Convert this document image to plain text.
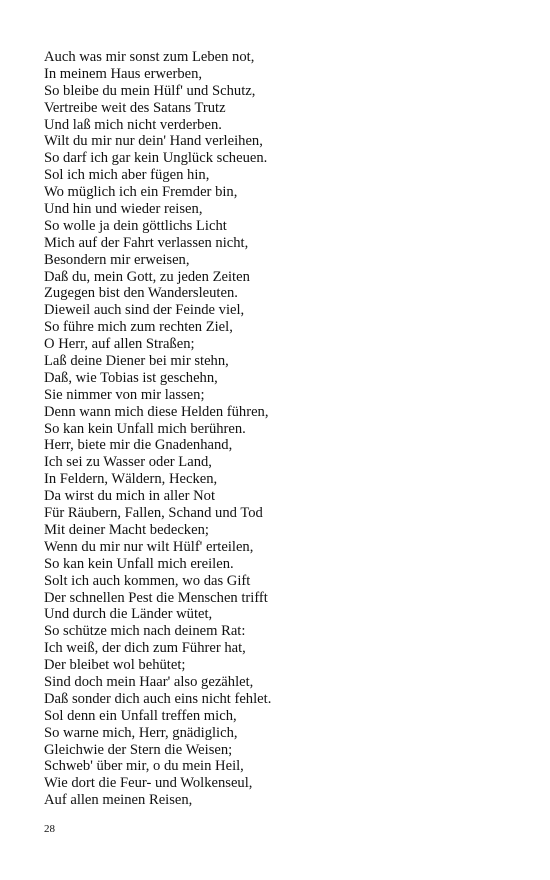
Auch was mir sonst zum Leben not,
In meinem Haus erwerben,
So bleibe du mein Hülf' und Schutz,
Vertreibe weit des Satans Trutz
Und laß mich nicht verderben.
Wilt du mir nur dein' Hand verleihen,
So darf ich gar kein Unglück scheuen.
Sol ich mich aber fügen hin,
Wo müglich ich ein Fremder bin,
Und hin und wieder reisen,
So wolle ja dein göttlichs Licht
Mich auf der Fahrt verlassen nicht,
Besondern mir erweisen,
Daß du, mein Gott, zu jeden Zeiten
Zugegen bist den Wandersleuten.
Dieweil auch sind der Feinde viel,
So führe mich zum rechten Ziel,
O Herr, auf allen Straßen;
Laß deine Diener bei mir stehn,
Daß, wie Tobias ist geschehn,
Sie nimmer von mir lassen;
Denn wann mich diese Helden führen,
So kan kein Unfall mich berühren.
Herr, biete mir die Gnadenhand,
Ich sei zu Wasser oder Land,
In Feldern, Wäldern, Hecken,
Da wirst du mich in aller Not
Für Räubern, Fallen, Schand und Tod
Mit deiner Macht bedecken;
Wenn du mir nur wilt Hülf' erteilen,
So kan kein Unfall mich ereilen.
Solt ich auch kommen, wo das Gift
Der schnellen Pest die Menschen trifft
Und durch die Länder wütet,
So schütze mich nach deinem Rat:
Ich weiß, der dich zum Führer hat,
Der bleibet wol behütet;
Sind doch mein Haar' also gezählet,
Daß sonder dich auch eins nicht fehlet.
Sol denn ein Unfall treffen mich,
So warne mich, Herr, gnädiglich,
Gleichwie der Stern die Weisen;
Schweb' über mir, o du mein Heil,
Wie dort die Feur- und Wolkenseul,
Auf allen meinen Reisen,
28
